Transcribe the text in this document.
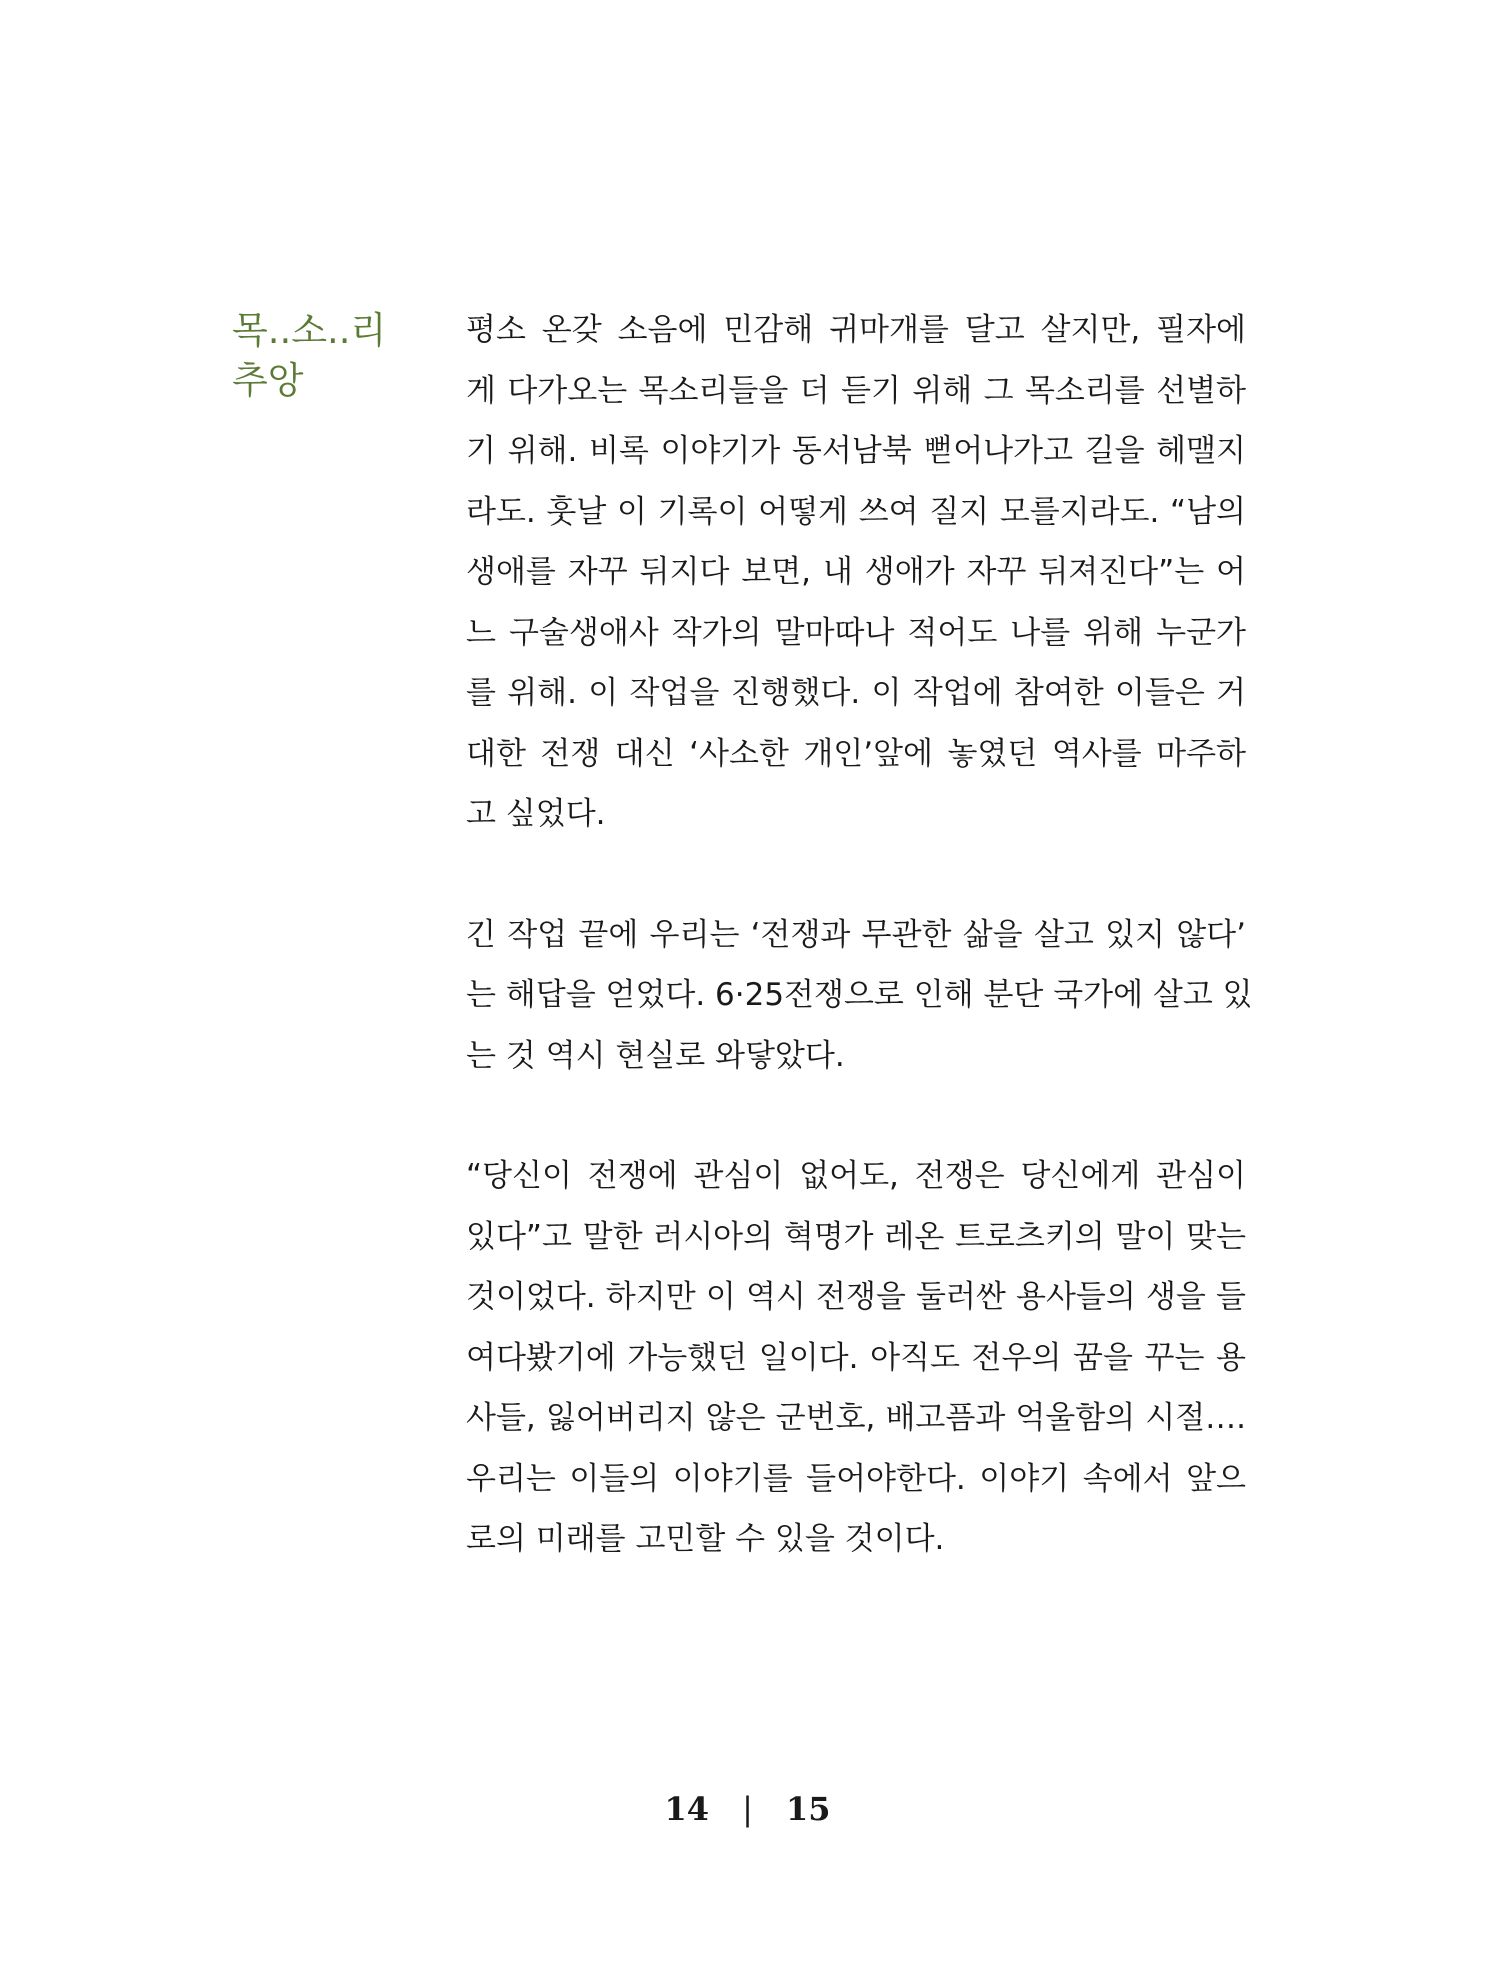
목..소..리
추앙
평소 온갖 소음에 민감해 귀마개를 달고 살지만, 필자에
게 다가오는 목소리들을 더 듣기 위해 그 목소리를 선별하
기 위해. 비록 이야기가 동서남북 뻗어나가고 길을 헤맬지
라도. 훗날 이 기록이 어떻게 쓰여 질지 모를지라도. “남의
생애를 자꾸 뒤지다 보면, 내 생애가 자꾸 뒤져진다”는 어
느 구술생애사 작가의 말마따나 적어도 나를 위해 누군가
를 위해. 이 작업을 진행했다. 이 작업에 참여한 이들은 거
대한 전쟁 대신 ‘사소한 개인’앞에 놓였던 역사를 마주하
고 싶었다.
긴 작업 끝에 우리는 ‘전쟁과 무관한 삶을 살고 있지 않다’
는 해답을 얻었다. 6·25전쟁으로 인해 분단 국가에 살고 있
는 것 역시 현실로 와닿았다.
“당신이 전쟁에 관심이 없어도, 전쟁은 당신에게 관심이
있다”고 말한 러시아의 혁명가 레온 트로츠키의 말이 맞는
것이었다. 하지만 이 역시 전쟁을 둘러싼 용사들의 생을 들
여다봤기에 가능했던 일이다. 아직도 전우의 꿈을 꾸는 용
사들, 잃어버리지 않은 군번호, 배고픔과 억울함의 시절….
우리는 이들의 이야기를 들어야한다. 이야기 속에서 앞으
로의 미래를 고민할 수 있을 것이다.
14 | 15
